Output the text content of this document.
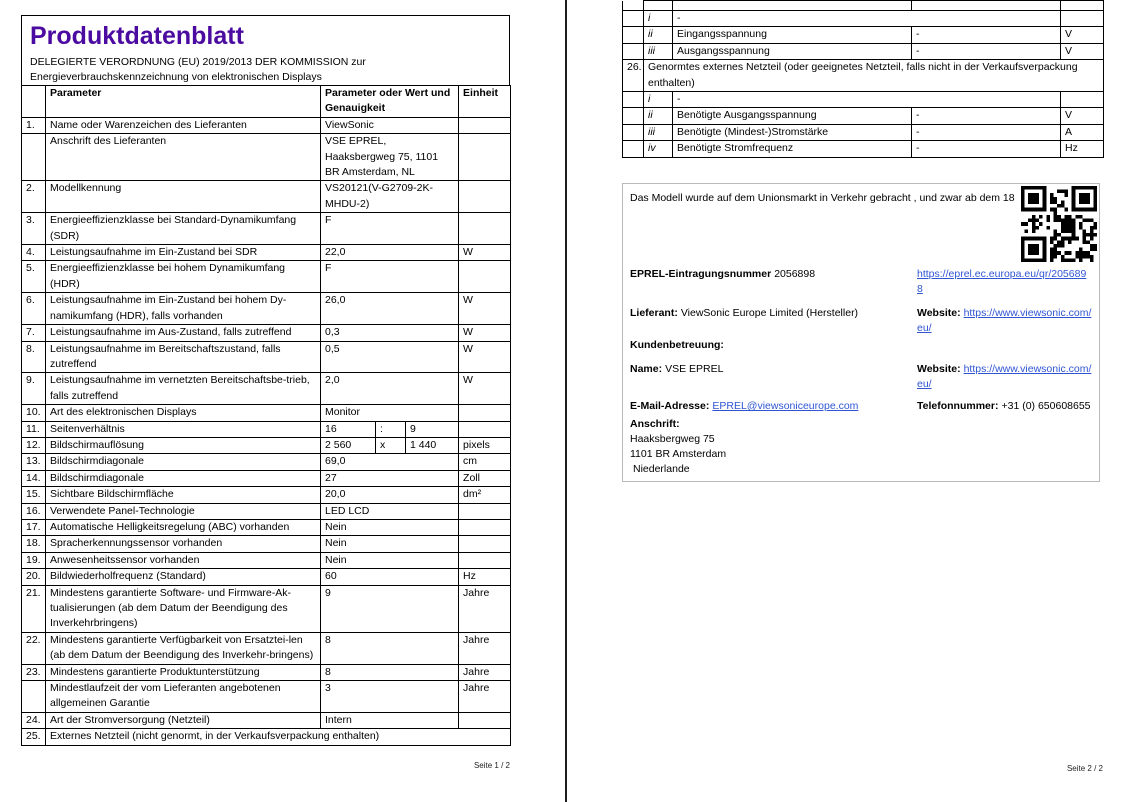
Produktdatenblatt
DELEGIERTE VERORDNUNG (EU) 2019/2013 DER KOMMISSION zur
Energieverbrauchskennzeichnung von elektronischen Displays
	Parameter	Parameter oder Wert und Genauigkeit			Einheit
1.	Name oder Warenzeichen des Lieferanten	ViewSonic			
	Anschrift des Lieferanten	VSE EPREL, Haaksbergweg 75, 1101 BR Amsterdam, NL			
2.	Modellkennung	VS20121(V-G2709-2K-MHDU-2)			
3.	Energieeffizienzklasse bei Standard-Dynamikumfang (SDR)	F			
4.	Leistungsaufnahme im Ein-Zustand bei SDR	22,0			W
5.	Energieeffizienzklasse bei hohem Dynamikumfang (HDR)	F			
6.	Leistungsaufnahme im Ein-Zustand bei hohem Dy-namikumfang (HDR), falls vorhanden	26,0			W
7.	Leistungsaufnahme im Aus-Zustand, falls zutreffend	0,3			W
8.	Leistungsaufnahme im Bereitschaftszustand, falls zutreffend	0,5			W
9.	Leistungsaufnahme im vernetzten Bereitschaftsbe-trieb, falls zutreffend	2,0			W
10.	Art des elektronischen Displays	Monitor			
11.	Seitenverhältnis	16	:	9	
12.	Bildschirmauflösung	2 560	x	1 440	pixels
13.	Bildschirmdiagonale	69,0			cm
14.	Bildschirmdiagonale	27			Zoll
15.	Sichtbare Bildschirmfläche	20,0			dm²
16.	Verwendete Panel-Technologie	LED LCD			
17.	Automatische Helligkeitsregelung (ABC) vorhanden	Nein			
18.	Spracherkennungssensor vorhanden	Nein			
19.	Anwesenheitssensor vorhanden	Nein			
20.	Bildwiederholfrequenz (Standard)	60			Hz
21.	Mindestens garantierte Software- und Firmware-Ak-tualisierungen (ab dem Datum der Beendigung des Inverkehrbringens)	9			Jahre
22.	Mindestens garantierte Verfügbarkeit von Ersatztei-len (ab dem Datum der Beendigung des Inverkehr-bringens)	8			Jahre
23.	Mindestens garantierte Produktunterstützung	8			Jahre
	Mindestlaufzeit der vom Lieferanten angebotenen allgemeinen Garantie	3			Jahre
24.	Art der Stromversorgung (Netzteil)	Intern			
25.	Externes Netzteil (nicht genormt, in der Verkaufsverpackung enthalten)				
Seite 1 / 2

	i	-		
	ii	Eingangsspannung	-	V
	iii	Ausgangsspannung	-	V
26.	Genormtes externes Netzteil (oder geeignetes Netzteil, falls nicht in der Verkaufsverpackung enthalten)			
	i	-		
	ii	Benötigte Ausgangsspannung	-	V
	iii	Benötigte (Mindest-)Stromstärke	-	A
	iv	Benötigte Stromfrequenz	-	Hz
Das Modell wurde auf dem Unionsmarkt in Verkehr gebracht , und zwar ab dem 18
EPREL-Eintragungsnummer 2056898	https://eprel.ec.europa.eu/qr/2056898
Lieferant: ViewSonic Europe Limited (Hersteller)	Website: https://www.viewsonic.com/eu/
Kundenbetreuung:
Name: VSE EPREL	Website: https://www.viewsonic.com/eu/
E-Mail-Adresse: EPREL@viewsoniceurope.com	Telefonnummer: +31 (0) 650608655
Anschrift:
Haaksbergweg 75
1101 BR Amsterdam
Niederlande
Seite 2 / 2
